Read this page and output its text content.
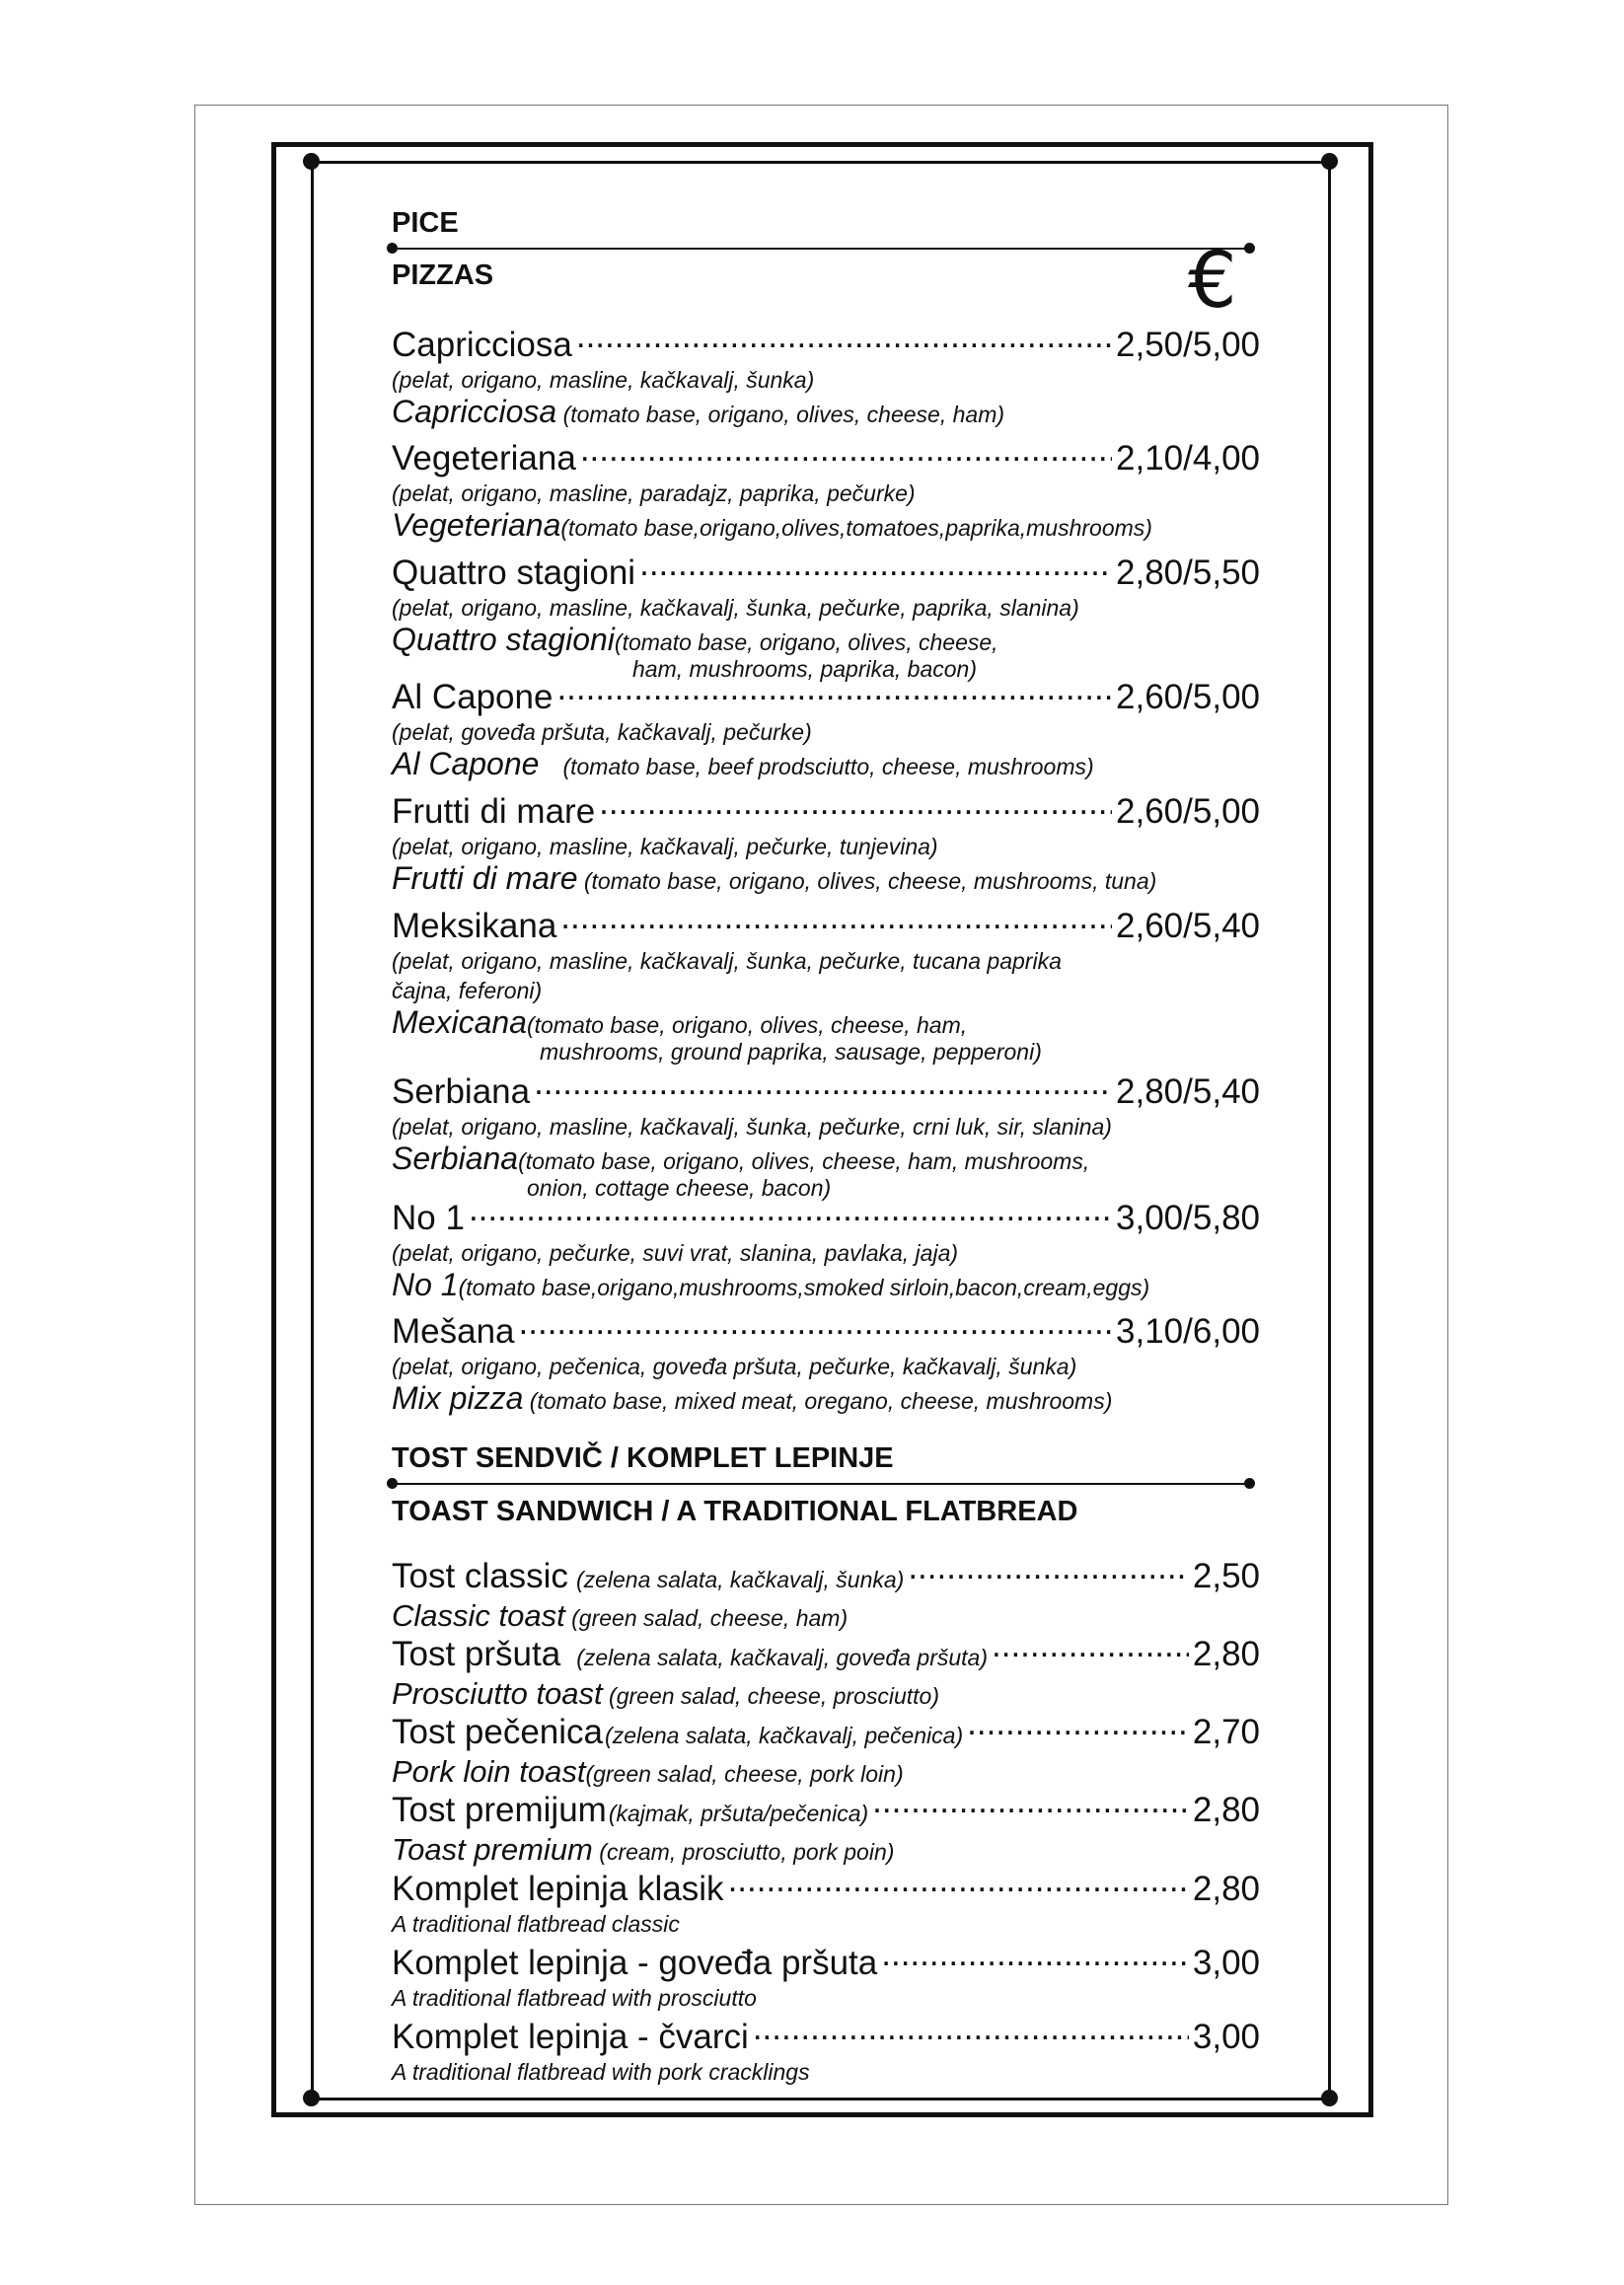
PICE
PIZZAS	€
Capricciosa .....	2,50/5,00
(pelat, origano, masline, kačkavalj, šunka)
Capricciosa (tomato base, origano, olives, cheese, ham)
Vegeteriana .....	2,10/4,00
(pelat, origano, masline, paradajz, paprika, pečurke)
Vegeteriana(tomato base,origano,olives,tomatoes,paprika,mushrooms)
Quattro stagioni .....	2,80/5,50
(pelat, origano, masline, kačkavalj, šunka, pečurke, paprika, slanina)
Quattro stagioni(tomato base, origano, olives, cheese,
ham, mushrooms, paprika, bacon)
Al Capone .....	2,60/5,00
(pelat, goveđa pršuta, kačkavalj, pečurke)
Al Capone (tomato base, beef prodsciutto, cheese, mushrooms)
Frutti di mare .....	2,60/5,00
(pelat, origano, masline, kačkavalj, pečurke, tunjevina)
Frutti di mare (tomato base, origano, olives, cheese, mushrooms, tuna)
Meksikana .....	2,60/5,40
(pelat, origano, masline, kačkavalj, šunka, pečurke, tucana paprika
čajna, feferoni)
Mexicana(tomato base, origano, olives, cheese, ham,
mushrooms, ground paprika, sausage, pepperoni)
Serbiana .....	2,80/5,40
(pelat, origano, masline, kačkavalj, šunka, pečurke, crni luk, sir, slanina)
Serbiana(tomato base, origano, olives, cheese, ham, mushrooms,
onion, cottage cheese, bacon)
No 1 .....	3,00/5,80
(pelat, origano, pečurke, suvi vrat, slanina, pavlaka, jaja)
No 1(tomato base,origano,mushrooms,smoked sirloin,bacon,cream,eggs)
Mešana .....	3,10/6,00
(pelat, origano, pečenica, goveđa pršuta, pečurke, kačkavalj, šunka)
Mix pizza (tomato base, mixed meat, oregano, cheese, mushrooms)
TOST SENDVIČ / KOMPLET LEPINJE
TOAST SANDWICH / A TRADITIONAL FLATBREAD
Tost classic (zelena salata, kačkavalj, šunka) .....	2,50
Classic toast (green salad, cheese, ham)
Tost pršuta (zelena salata, kačkavalj, goveđa pršuta) .....	2,80
Prosciutto toast (green salad, cheese, prosciutto)
Tost pečenica (zelena salata, kačkavalj, pečenica) .....	2,70
Pork loin toast(green salad, cheese, pork loin)
Tost premijum (kajmak, pršuta/pečenica) .....	2,80
Toast premium (cream, prosciutto, pork poin)
Komplet lepinja klasik .....	2,80
A traditional flatbread classic
Komplet lepinja - goveđa pršuta .....	3,00
A traditional flatbread with prosciutto
Komplet lepinja - čvarci .....	3,00
A traditional flatbread with pork cracklings
